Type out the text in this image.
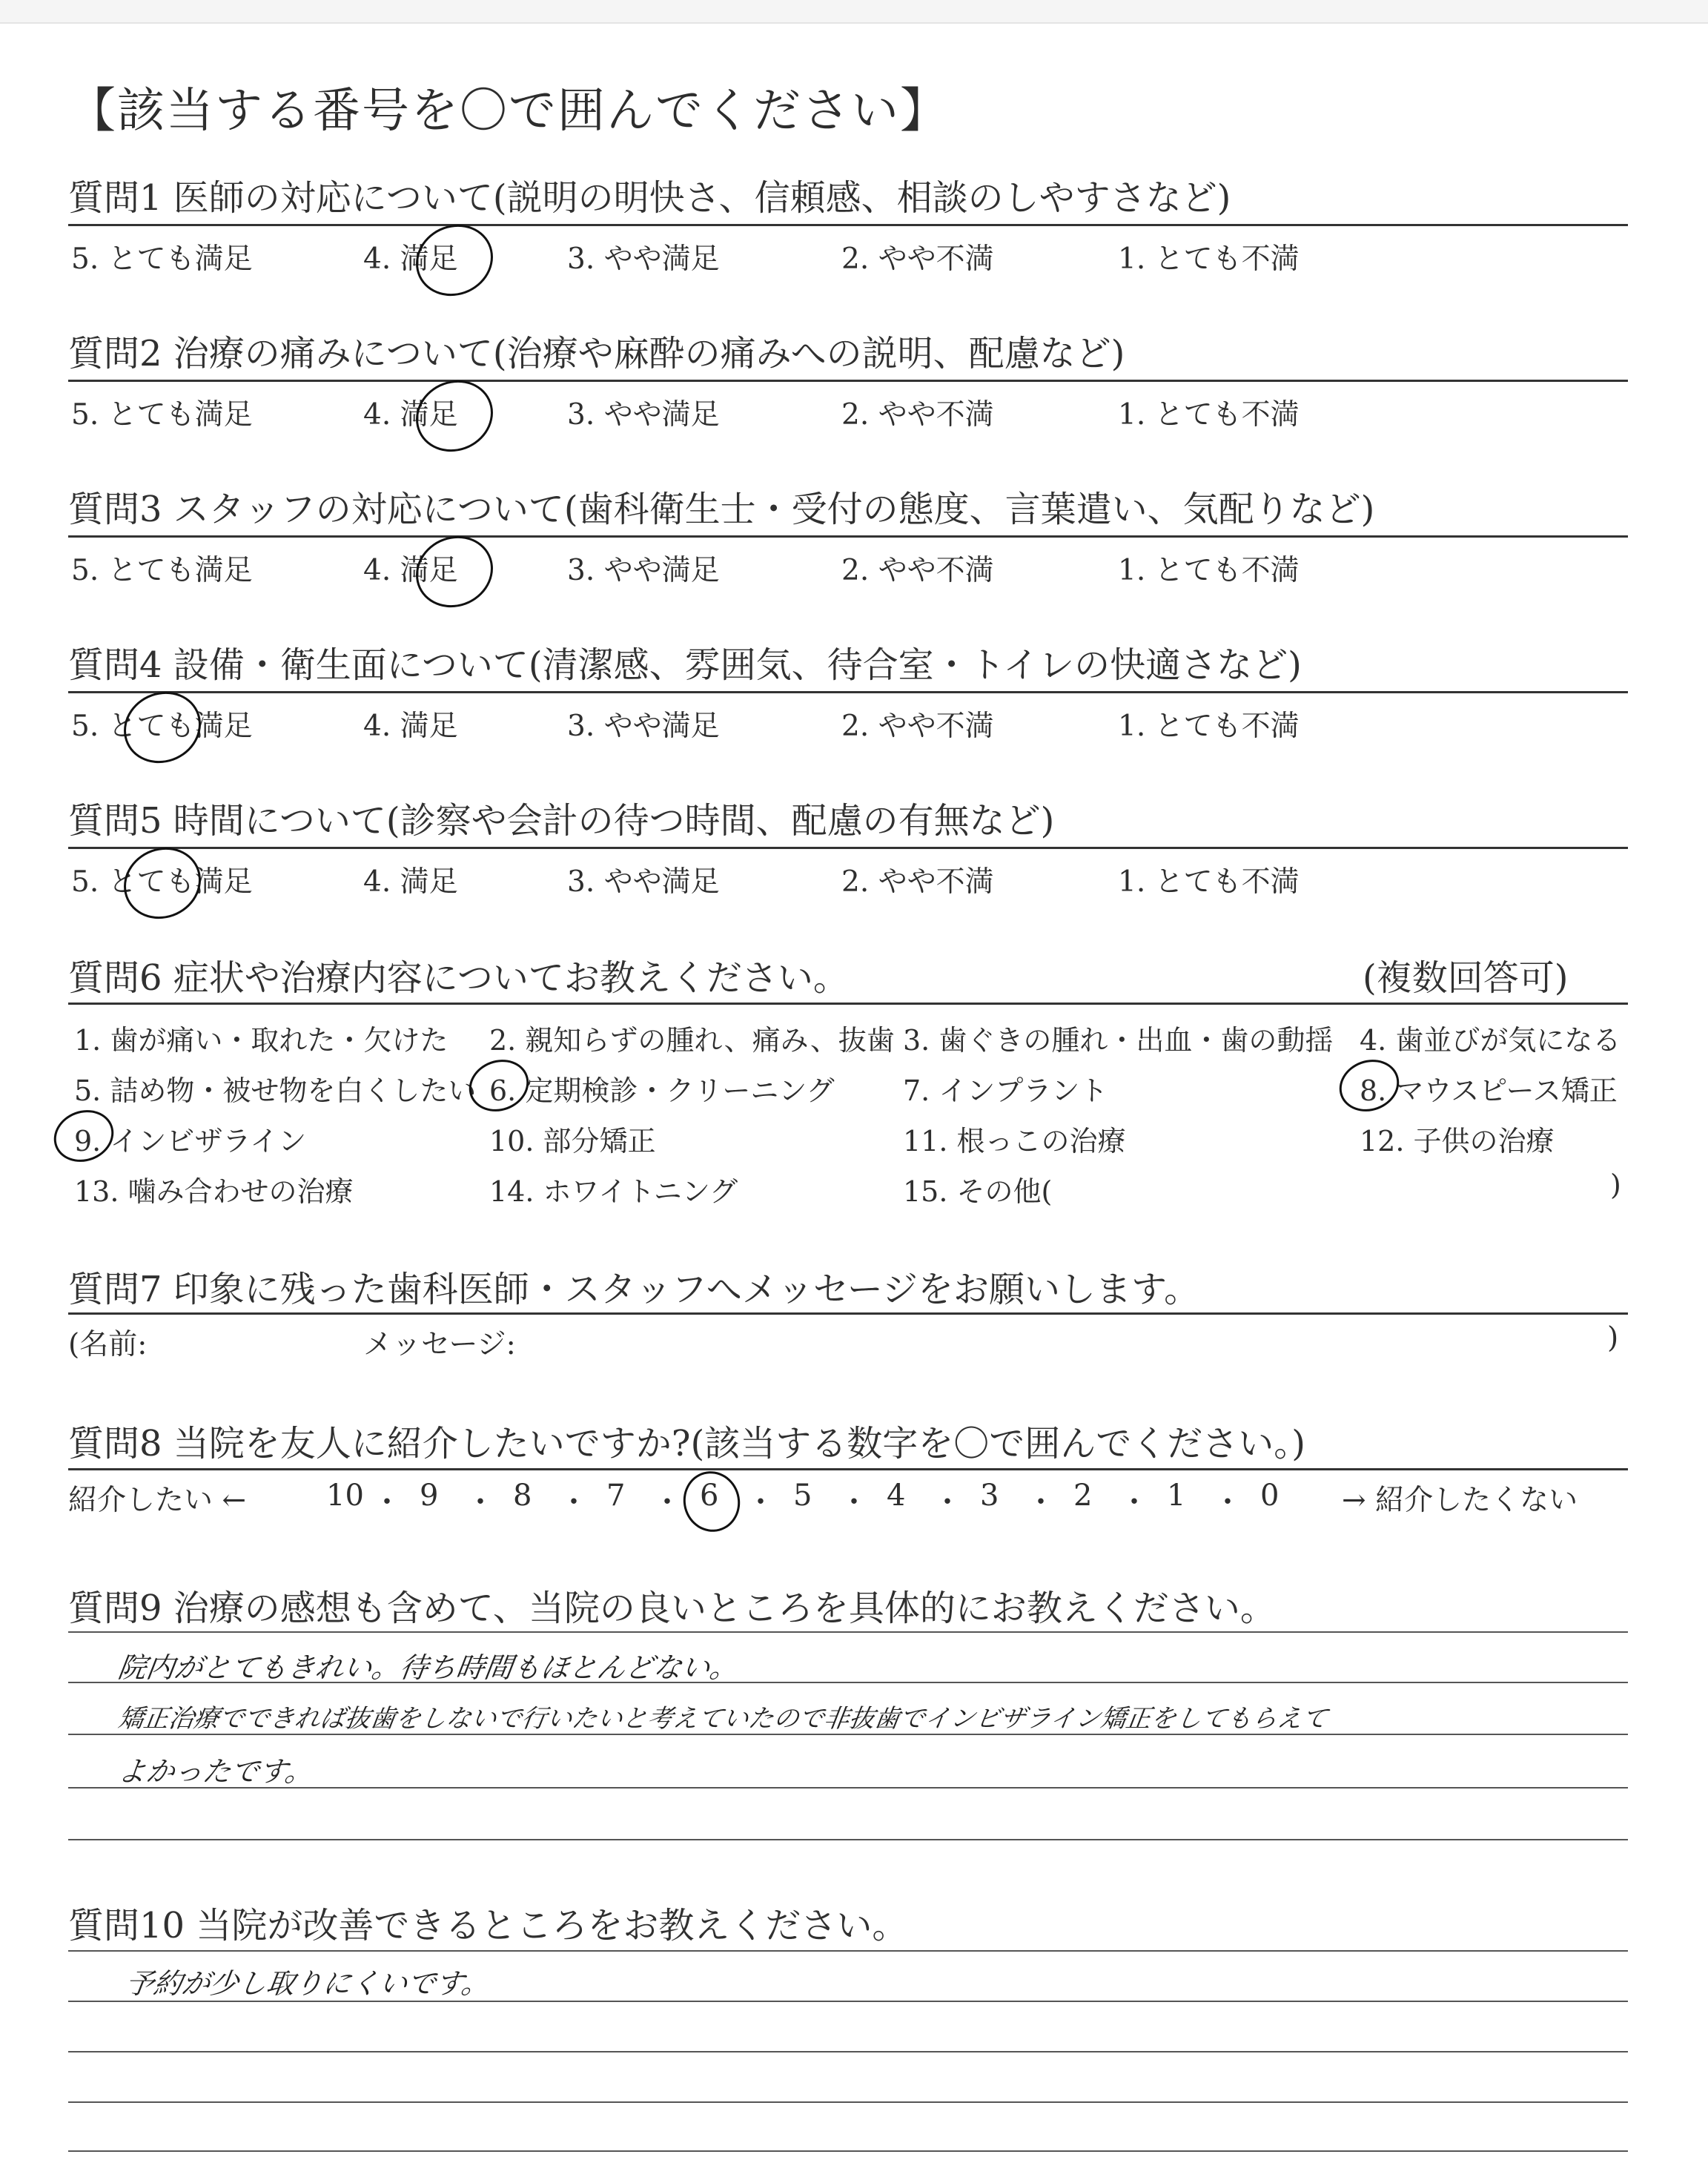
【該当する番号を〇で囲んでください】
質問1 医師の対応について(説明の明快さ、信頼感、相談のしやすさなど)
5. とても満足	4. 満足	3. やや満足	2. やや不満	1. とても不満
質問2 治療の痛みについて(治療や麻酔の痛みへの説明、配慮など)
5. とても満足	4. 満足	3. やや満足	2. やや不満	1. とても不満
質問3 スタッフの対応について(歯科衛生士・受付の態度、言葉遣い、気配りなど)
5. とても満足	4. 満足	3. やや満足	2. やや不満	1. とても不満
質問4 設備・衛生面について(清潔感、雰囲気、待合室・トイレの快適さなど)
5. とても満足	4. 満足	3. やや満足	2. やや不満	1. とても不満
質問5 時間について(診察や会計の待つ時間、配慮の有無など)
5. とても満足	4. 満足	3. やや満足	2. やや不満	1. とても不満
質問6 症状や治療内容についてお教えください。	(複数回答可)
1. 歯が痛い・取れた・欠けた 2. 親知らずの腫れ、痛み、抜歯 3. 歯ぐきの腫れ・出血・歯の動揺 4. 歯並びが気になる
5. 詰め物・被せ物を白くしたい 6. 定期検診・クリーニング 7. インプラント	8. マウスピース矯正
9. インビザライン	10. 部分矯正	11. 根っこの治療	12. 子供の治療
13. 噛み合わせの治療	14. ホワイトニング	15. その他(	)
質問7 印象に残った歯科医師・スタッフへメッセージをお願いします。
(名前:	メッセージ:	)
質問8 当院を友人に紹介したいですか?(該当する数字を〇で囲んでください。)
紹介したい ←	10 ・ 9 ・ 8 ・ 7 ・ 6 ・ 5 ・ 4 ・ 3 ・ 2 ・ 1 ・ 0 → 紹介したくない
質問9 治療の感想も含めて、当院の良いところを具体的にお教えください。
院内がとてもきれい。待ち時間もほとんどない。
矯正治療でできれば抜歯をしないで行いたいと考えていたので非抜歯でインビザライン矯正をしてもらえて
よかったです。
質問10 当院が改善できるところをお教えください。
予約が少し取りにくいです。
